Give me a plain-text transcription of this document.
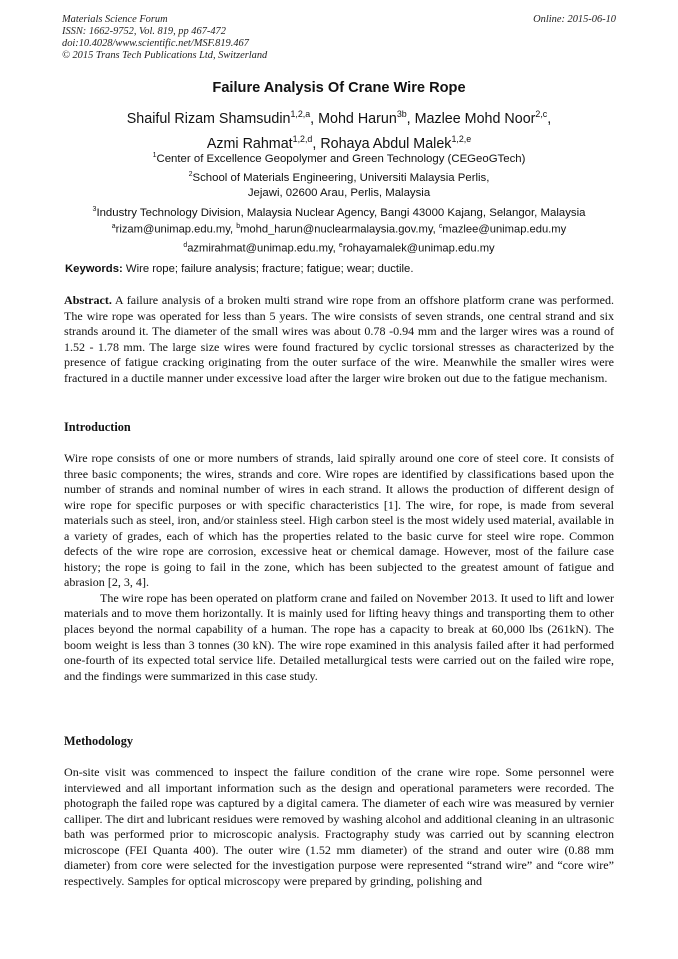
Materials Science Forum
ISSN: 1662-9752, Vol. 819, pp 467-472
doi:10.4028/www.scientific.net/MSF.819.467
© 2015 Trans Tech Publications Ltd, Switzerland
Online: 2015-06-10
Failure Analysis Of Crane Wire Rope
Shaiful Rizam Shamsudin$^{1,2,a}$, Mohd Harun$^{3b}$, Mazlee Mohd Noor$^{2,c}$,
Azmi Rahmat$^{1,2,d}$, Rohaya Abdul Malek$^{1,2,e}$
$^1$Center of Excellence Geopolymer and Green Technology (CEGeoGTech)
$^2$School of Materials Engineering, Universiti Malaysia Perlis,
Jejawi, 02600 Arau, Perlis, Malaysia
$^3$Industry Technology Division, Malaysia Nuclear Agency, Bangi 43000 Kajang, Selangor, Malaysia
$^a$rizam@unimap.edu.my, $^b$mohd_harun@nuclearmalaysia.gov.my, $^c$mazlee@unimap.edu.my
$^d$azmirahmat@unimap.edu.my, $^e$rohayamalek@unimap.edu.my
Keywords: Wire rope; failure analysis; fracture; fatigue; wear; ductile.

Abstract. A failure analysis of a broken multi strand wire rope from an offshore platform crane was performed. The wire rope was operated for less than 5 years. The wire consists of seven strands, one central strand and six strands around it. The diameter of the small wires was about 0.78 -0.94 mm and the larger wires was a round of 1.52 - 1.78 mm. The large size wires were found fractured by cyclic torsional stresses as characterized by the presence of fatigue cracking originating from the outer surface of the wire. Meanwhile the smaller wires were fractured in a ductile manner under excessive load after the larger wire broken out due to the fatigue mechanism.

Introduction

Wire rope consists of one or more numbers of strands, laid spirally around one core of steel core. It consists of three basic components; the wires, strands and core. Wire ropes are identified by classifications based upon the number of strands and nominal number of wires in each strand. It allows the production of different design of wire rope for specific purposes or with specific characteristics [1]. The wire, for rope, is made from several materials such as steel, iron, and/or stainless steel. High carbon steel is the most widely used material, available in a variety of grades, each of which has the properties related to the basic curve for steel wire rope. Common defects of the wire rope are corrosion, excessive heat or chemical damage. However, most of the failure case history; the rope is going to fail in the zone, which has been subjected to the greatest amount of fatigue and abrasion [2, 3, 4].

The wire rope has been operated on platform crane and failed on November 2013. It used to lift and lower materials and to move them horizontally. It is mainly used for lifting heavy things and transporting them to other places beyond the normal capability of a human. The rope has a capacity to break at 60,000 lbs (261kN). The boom weight is less than 3 tonnes (30 kN). The wire rope examined in this analysis failed after it had performed one-fourth of its expected total service life. Detailed metallurgical tests were carried out on the failed wire rope, and the findings were summarized in this case study.

Methodology

On-site visit was commenced to inspect the failure condition of the crane wire rope. Some personnel were interviewed and all important information such as the design and operational parameters were recorded. The photograph the failed rope was captured by a digital camera. The diameter of each wire was measured by vernier calliper. The dirt and lubricant residues were removed by washing alcohol and additional cleaning in an ultrasonic bath was performed prior to microscopic analysis. Fractography study was carried out by scanning electron microscope (FEI Quanta 400). The outer wire (1.52 mm diameter) of the strand and outer wire (0.88 mm diameter) from core were selected for the investigation purpose were represented “strand wire” and “core wire” respectively. Samples for optical microscopy were prepared by grinding, polishing and
